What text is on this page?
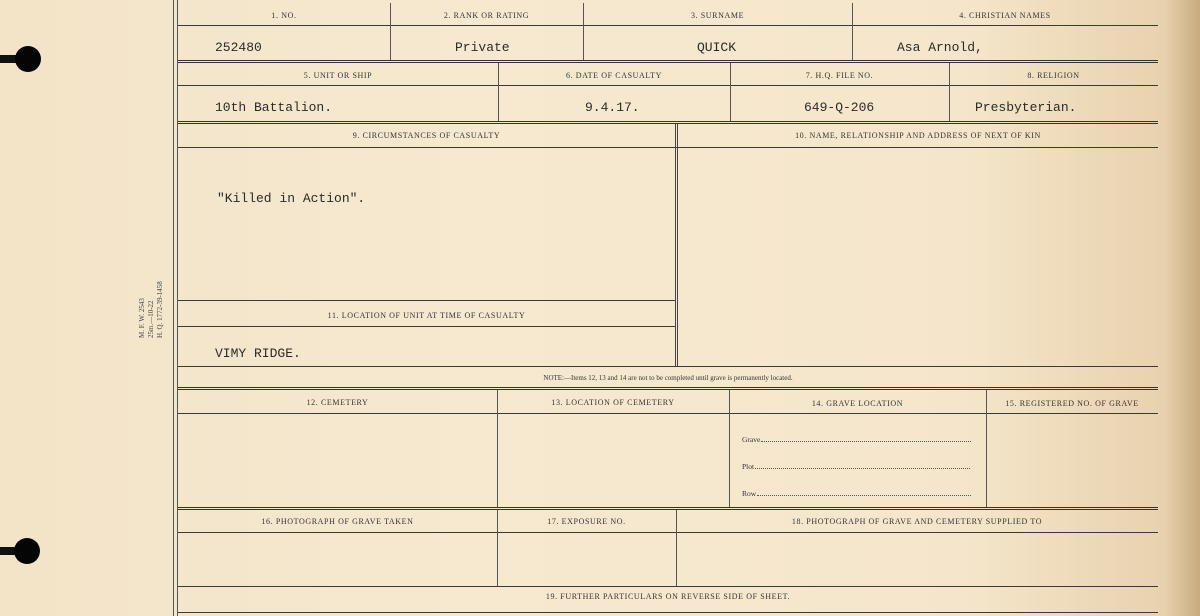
M. F. W. 2543 25m.—10-22 H. Q. 1772-39-1458
1. NO.	2. RANK OR RATING	3. SURNAME	4. CHRISTIAN NAMES
252480	Private	QUICK	Asa Arnold,
5. UNIT OR SHIP	6. DATE OF CASUALTY	7. H.Q. FILE NO.	8. RELIGION
10th Battalion.	9.4.17.	649-Q-206	Presbyterian.
9. CIRCUMSTANCES OF CASUALTY
"Killed in Action".
10. NAME, RELATIONSHIP AND ADDRESS OF NEXT OF KIN
11. LOCATION OF UNIT AT TIME OF CASUALTY
VIMY RIDGE.
NOTE:—Items 12, 13 and 14 are not to be completed until grave is permanently located.
12. CEMETERY	13. LOCATION OF CEMETERY	14. GRAVE LOCATION	15. REGISTERED NO. OF GRAVE
Grave
Plot
Row
16. PHOTOGRAPH OF GRAVE TAKEN	17. EXPOSURE NO.	18. PHOTOGRAPH OF GRAVE AND CEMETERY SUPPLIED TO
19. FURTHER PARTICULARS ON REVERSE SIDE OF SHEET.
